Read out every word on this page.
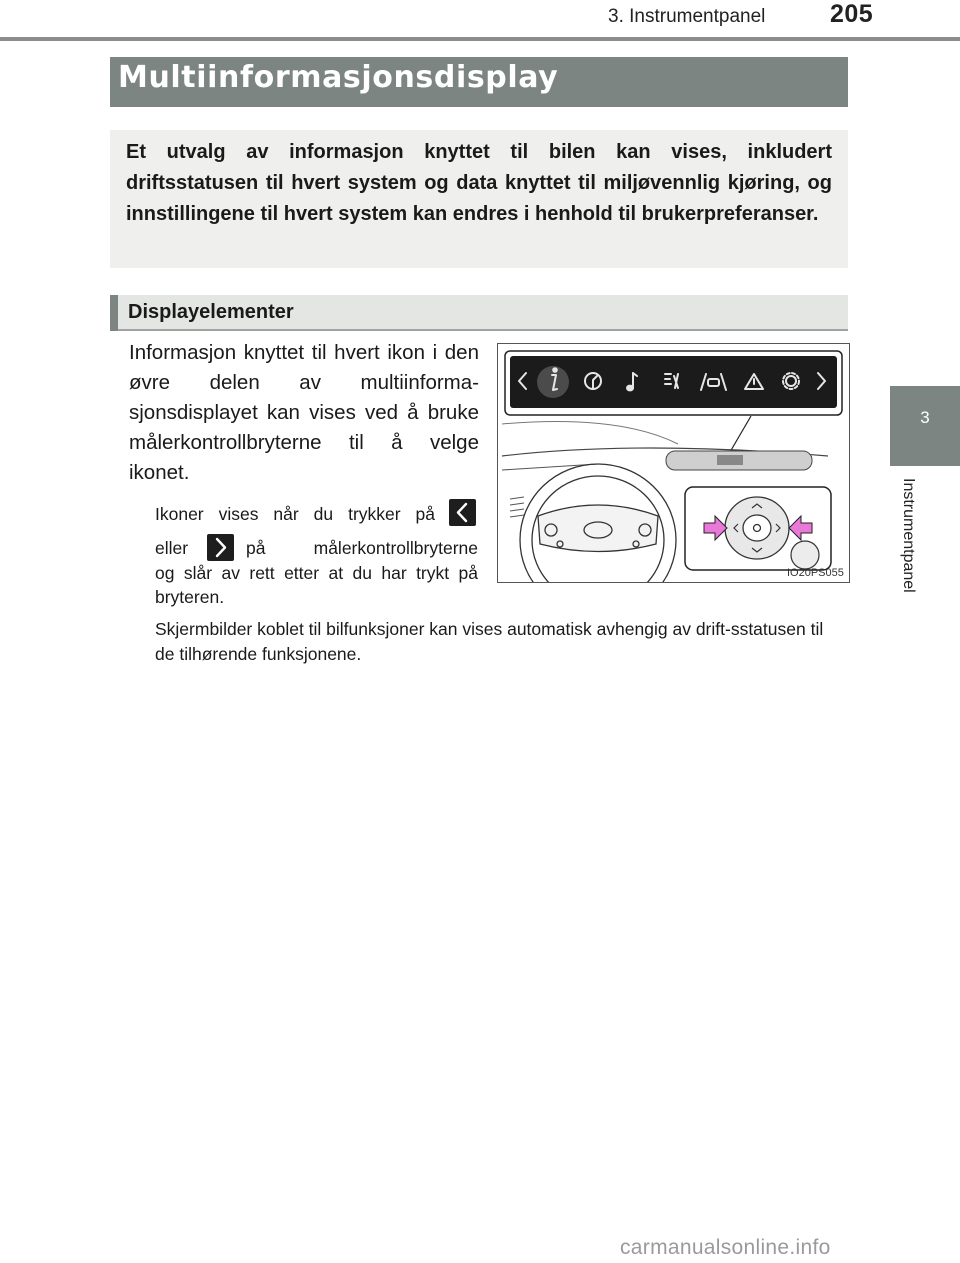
3. Instrumentpanel	205
3
Instrumentpanel
Multiinformasjonsdisplay
Et utvalg av informasjon knyttet til bilen kan vises, inkludert driftsstatusen til hvert system og data knyttet til miljøvennlig kjøring, og innstillingene til hvert system kan endres i henhold til brukerpreferanser.
Displayelementer
Informasjon knyttet til hvert ikon i den øvre delen av multiinforma-sjonsdisplayet kan vises ved å bruke målerkontrollbryterne til å velge ikonet.
Ikoner vises når du trykker på
eller	på målerkontrollbryterne
og slår av rett etter at du har trykt på bryteren.
Skjermbilder koblet til bilfunksjoner kan vises automatisk avhengig av drift-sstatusen til de tilhørende funksjonene.
IO20PS055
carmanualsonline.info
